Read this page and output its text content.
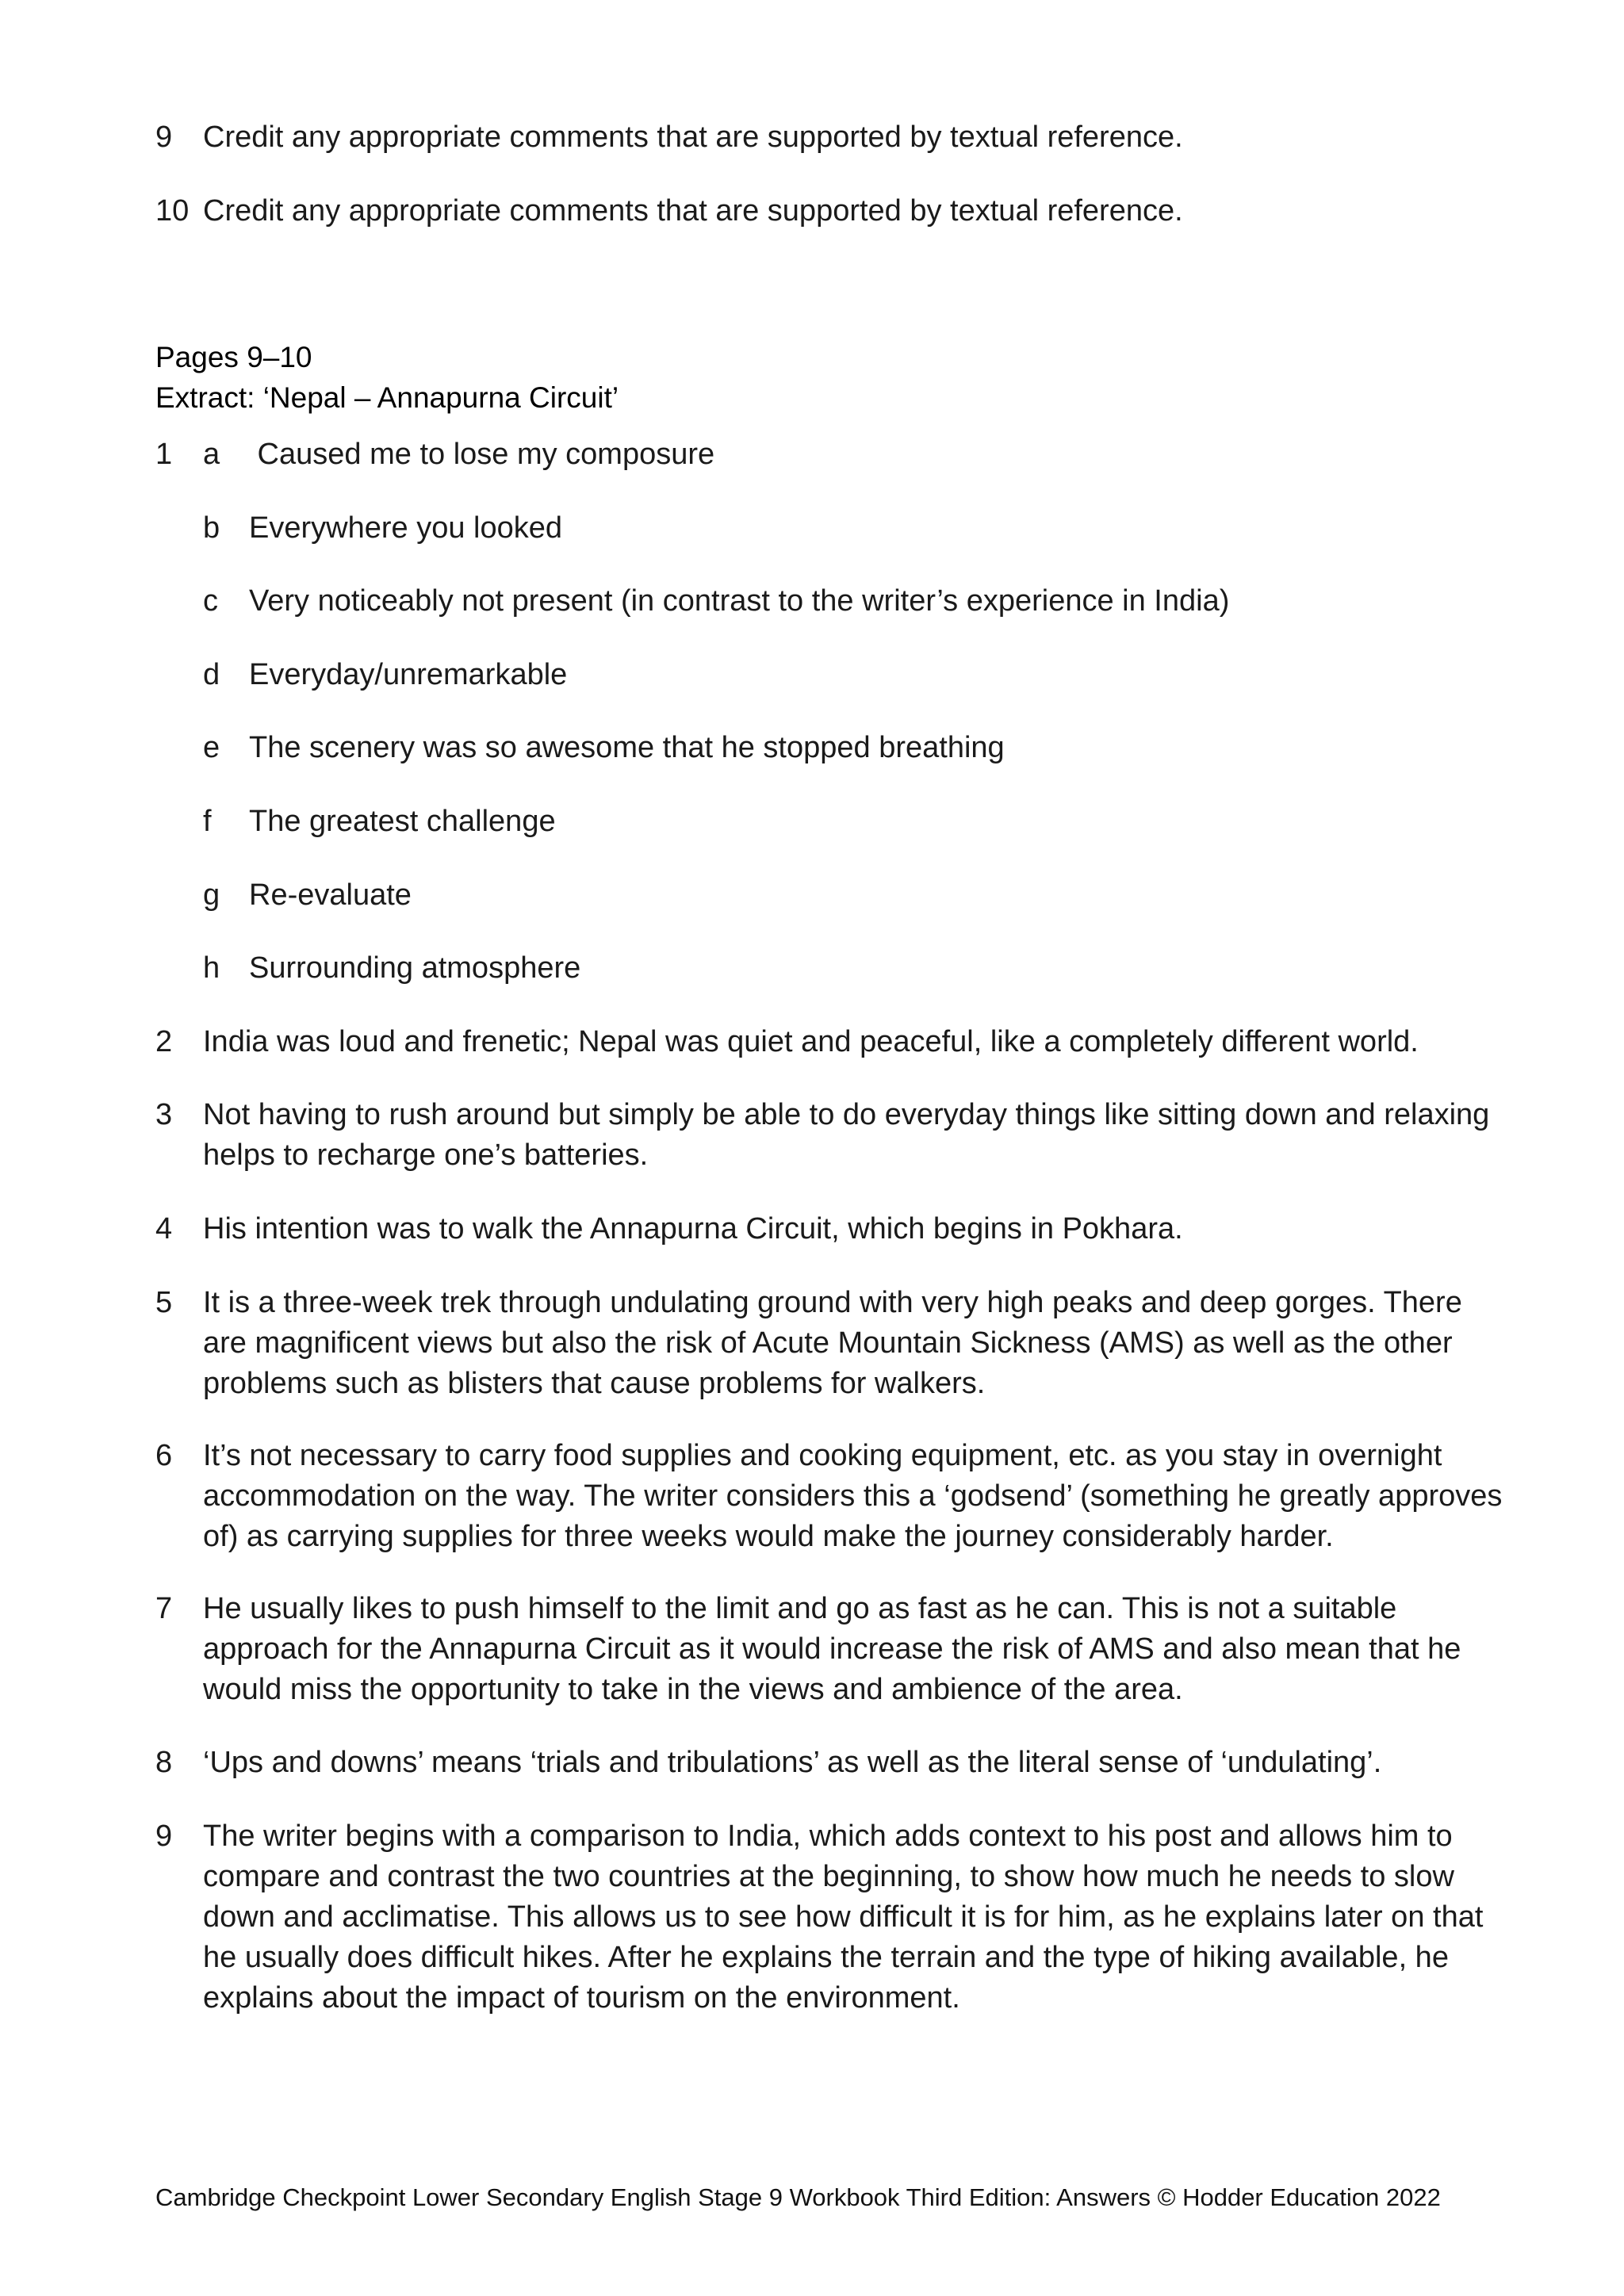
9 Credit any appropriate comments that are supported by textual reference.
10 Credit any appropriate comments that are supported by textual reference.
Pages 9–10
Extract: ‘Nepal – Annapurna Circuit’
1 a Caused me to lose my composure
b Everywhere you looked
c Very noticeably not present (in contrast to the writer’s experience in India)
d Everyday/unremarkable
e The scenery was so awesome that he stopped breathing
f The greatest challenge
g Re-evaluate
h Surrounding atmosphere
2 India was loud and frenetic; Nepal was quiet and peaceful, like a completely different world.
3 Not having to rush around but simply be able to do everyday things like sitting down and relaxing helps to recharge one’s batteries.
4 His intention was to walk the Annapurna Circuit, which begins in Pokhara.
5 It is a three-week trek through undulating ground with very high peaks and deep gorges. There are magnificent views but also the risk of Acute Mountain Sickness (AMS) as well as the other problems such as blisters that cause problems for walkers.
6 It’s not necessary to carry food supplies and cooking equipment, etc. as you stay in overnight accommodation on the way. The writer considers this a ‘godsend’ (something he greatly approves of) as carrying supplies for three weeks would make the journey considerably harder.
7 He usually likes to push himself to the limit and go as fast as he can. This is not a suitable approach for the Annapurna Circuit as it would increase the risk of AMS and also mean that he would miss the opportunity to take in the views and ambience of the area.
8 ‘Ups and downs’ means ‘trials and tribulations’ as well as the literal sense of ‘undulating’.
9 The writer begins with a comparison to India, which adds context to his post and allows him to compare and contrast the two countries at the beginning, to show how much he needs to slow down and acclimatise. This allows us to see how difficult it is for him, as he explains later on that he usually does difficult hikes. After he explains the terrain and the type of hiking available, he explains about the impact of tourism on the environment.
Cambridge Checkpoint Lower Secondary English Stage 9 Workbook Third Edition: Answers © Hodder Education 2022
